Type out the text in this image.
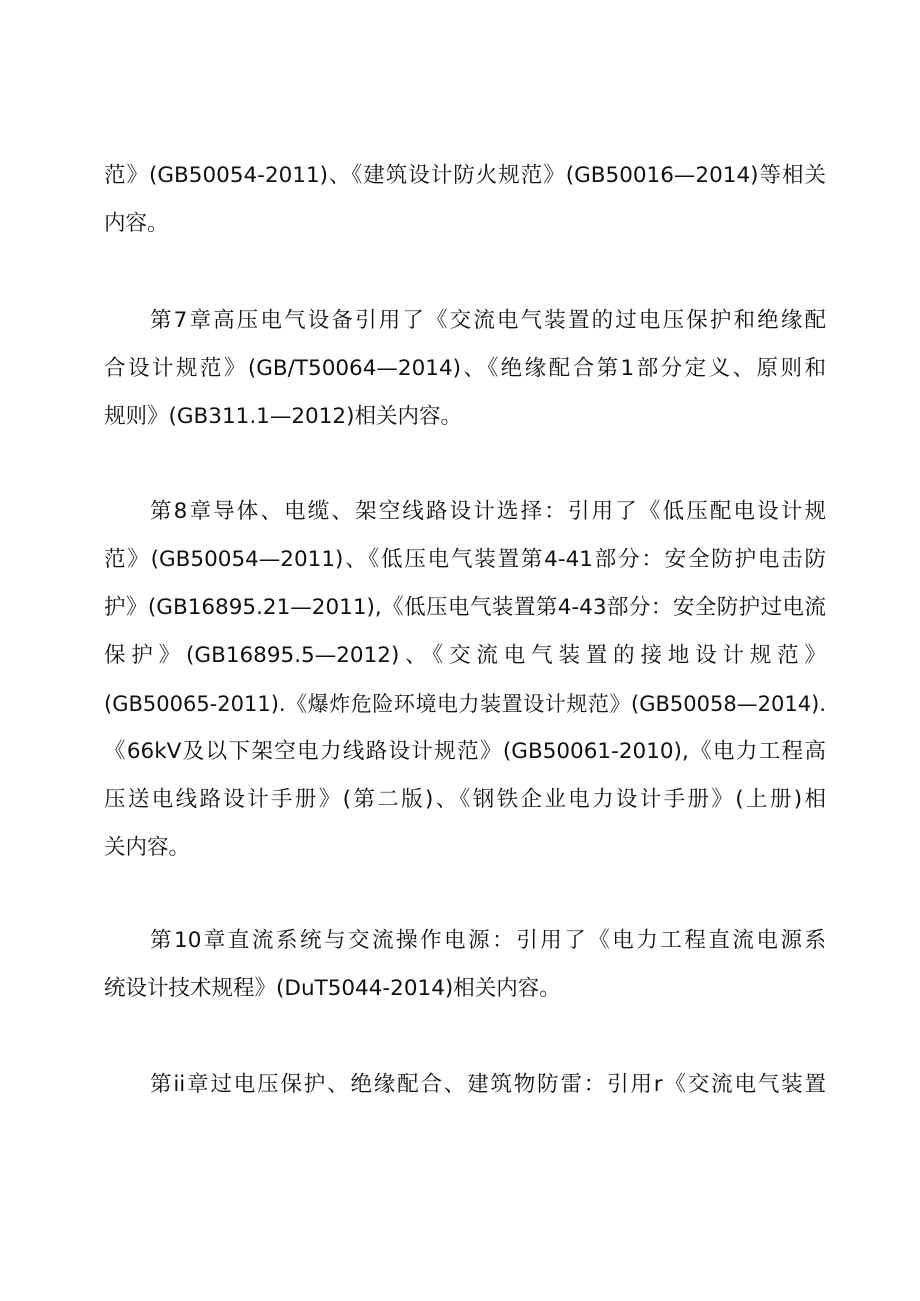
范》(GB50054-2011)、《建筑设计防火规范》(GB50016—2014)等相关
内容。
第7章高压电气设备引用了《交流电气装置的过电压保护和绝缘配
合设计规范》(GB/T50064—2014)、《绝缘配合第1部分定义、原则和
规则》(GB311.1—2012)相关内容。
第8章导体、电缆、架空线路设计选择：引用了《低压配电设计规
范》(GB50054—2011)、《低压电气装置第4-41部分：安全防护电击防
护》(GB16895.21—2011),《低压电气装置第4-43部分：安全防护过电流
保护》(GB16895.5—2012)、《交流电气装置的接地设计规范》
(GB50065-2011).《爆炸危险环境电力装置设计规范》(GB50058—2014).
《66kV及以下架空电力线路设计规范》(GB50061-2010),《电力工程高
压送电线路设计手册》(第二版)、《钢铁企业电力设计手册》(上册)相
关内容。
第10章直流系统与交流操作电源：引用了《电力工程直流电源系
统设计技术规程》(DuT5044-2014)相关内容。
第ii章过电压保护、绝缘配合、建筑物防雷：引用r《交流电气装置
